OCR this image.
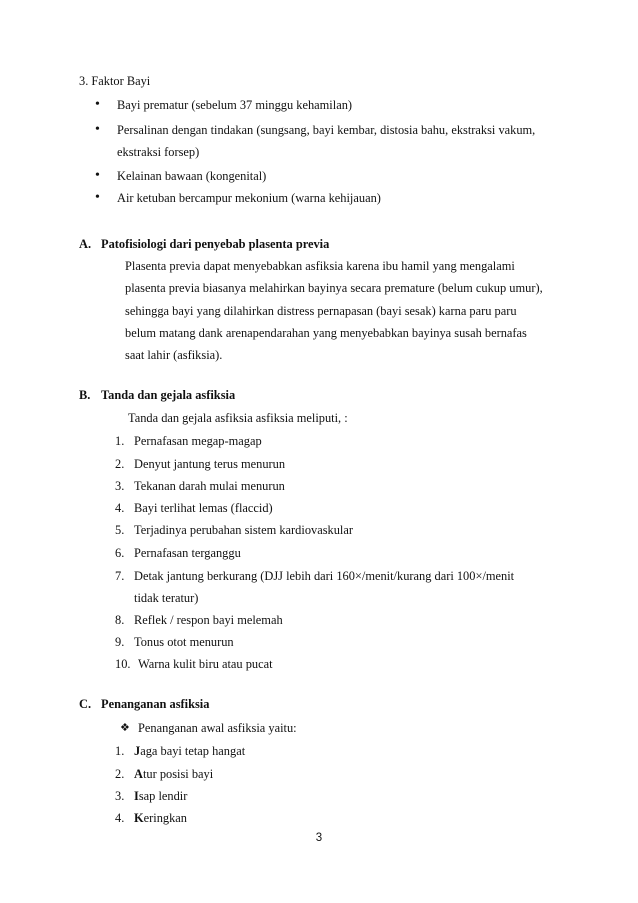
3. Faktor Bayi
• Bayi prematur (sebelum 37 minggu kehamilan)
• Persalinan dengan tindakan (sungsang, bayi kembar, distosia bahu, ekstraksi vakum,
ekstraksi forsep)
• Kelainan bawaan (kongenital)
• Air ketuban bercampur mekonium (warna kehijauan)
A. Patofisiologi dari penyebab plasenta previa
Plasenta previa dapat menyebabkan asfiksia karena ibu hamil yang mengalami
plasenta previa biasanya melahirkan bayinya secara premature (belum cukup umur),
sehingga bayi yang dilahirkan distress pernapasan (bayi sesak) karna paru paru
belum matang dank arenapendarahan yang menyebabkan bayinya susah bernafas
saat lahir (asfiksia).
B. Tanda dan gejala asfiksia
Tanda dan gejala asfiksia asfiksia meliputi, :
1. Pernafasan megap-magap
2. Denyut jantung terus menurun
3. Tekanan darah mulai menurun
4. Bayi terlihat lemas (flaccid)
5. Terjadinya perubahan sistem kardiovaskular
6. Pernafasan terganggu
7. Detak jantung berkurang (DJJ lebih dari 160×/menit/kurang dari 100×/menit
tidak teratur)
8. Reflek / respon bayi melemah
9. Tonus otot menurun
10. Warna kulit biru atau pucat
C. Penanganan asfiksia
❖ Penanganan awal asfiksia yaitu:
1. Jaga bayi tetap hangat
2. Atur posisi bayi
3. Isap lendir
4. Keringkan
3
